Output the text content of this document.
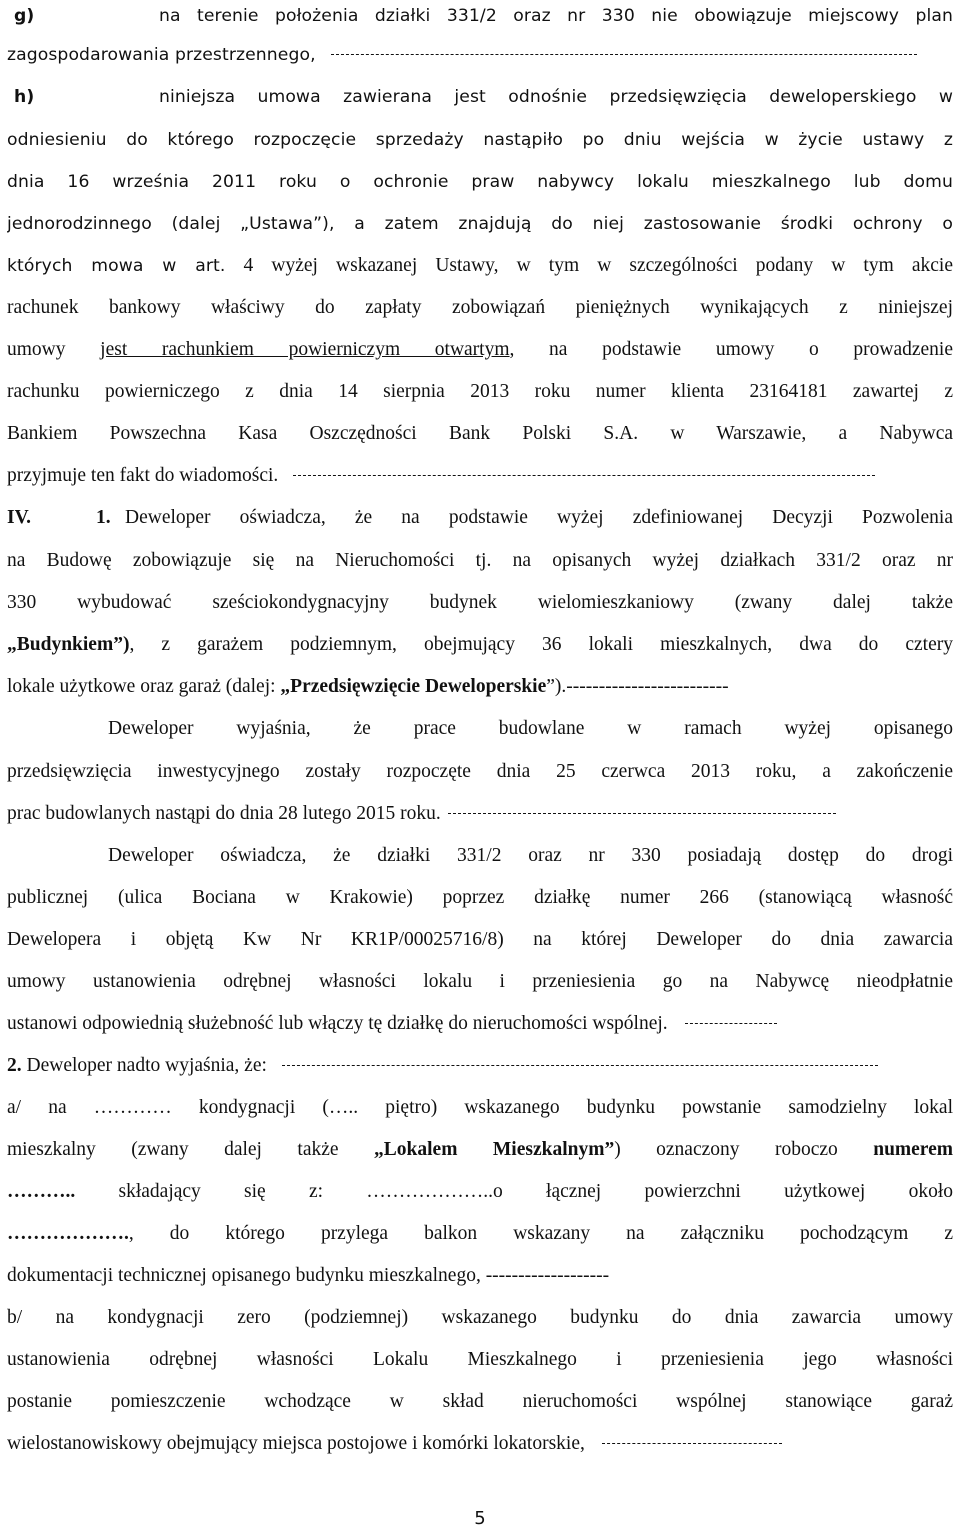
g)	na terenie położenia działki 331/2 oraz nr 330 nie obowiązuje miejscowy plan
zagospodarowania przestrzennego,
h)	niniejsza umowa zawierana jest odnośnie przedsięwzięcia deweloperskiego w
odniesieniu do którego rozpoczęcie sprzedaży nastąpiło po dniu wejścia w życie ustawy z
dnia 16 września 2011 roku o ochronie praw nabywcy lokalu mieszkalnego lub domu
jednorodzinnego (dalej „Ustawa”), a zatem znajdują do niej zastosowanie środki ochrony o
których mowa w art. 4 wyżej wskazanej Ustawy, w tym w szczególności podany w tym akcie
rachunek bankowy właściwy do zapłaty zobowiązań pieniężnych wynikających z niniejszej
umowy jest rachunkiem powierniczym otwartym, na podstawie umowy o prowadzenie
rachunku powierniczego z dnia 14 sierpnia 2013 roku numer klienta 23164181 zawartej z
Bankiem Powszechna Kasa Oszczędności Bank Polski S.A. w Warszawie, a Nabywca
przyjmuje ten fakt do wiadomości.
IV.	1. Deweloper oświadcza, że na podstawie wyżej zdefiniowanej Decyzji Pozwolenia
na Budowę zobowiązuje się na Nieruchomości tj. na opisanych wyżej działkach 331/2 oraz nr
330 wybudować sześciokondygnacyjny budynek wielomieszkaniowy (zwany dalej także
„Budynkiem”), z garażem podziemnym, obejmujący 36 lokali mieszkalnych, dwa do cztery
lokale użytkowe oraz garaż (dalej: „Przedsięwzięcie Deweloperskie”).-------------------------
Deweloper wyjaśnia, że prace budowlane w ramach wyżej opisanego
przedsięwzięcia inwestycyjnego zostały rozpoczęte dnia 25 czerwca 2013 roku, a zakończenie
prac budowlanych nastąpi do dnia 28 lutego 2015 roku.
Deweloper oświadcza, że działki 331/2 oraz nr 330 posiadają dostęp do drogi
publicznej (ulica Bociana w Krakowie) poprzez działkę numer 266 (stanowiącą własność
Dewelopera i objętą Kw Nr KR1P/00025716/8) na której Deweloper do dnia zawarcia
umowy ustanowienia odrębnej własności lokalu i przeniesienia go na Nabywcę nieodpłatnie
ustanowi odpowiednią służebność lub włączy tę działkę do nieruchomości wspólnej.
2. Deweloper nadto wyjaśnia, że:
a/ na ………… kondygnacji (….. piętro) wskazanego budynku powstanie samodzielny lokal
mieszkalny (zwany dalej także „Lokalem Mieszkalnym”) oznaczony roboczo numerem
……….. składający się z: ………………..o łącznej powierzchni użytkowej około
………………., do którego przylega balkon wskazany na załączniku pochodzącym z
dokumentacji technicznej opisanego budynku mieszkalnego, -------------------
b/ na kondygnacji zero (podziemnej) wskazanego budynku do dnia zawarcia umowy
ustanowienia odrębnej własności Lokalu Mieszkalnego i przeniesienia jego własności
postanie pomieszczenie wchodzące w skład nieruchomości wspólnej stanowiące garaż
wielostanowiskowy obejmujący miejsca postojowe i komórki lokatorskie,
5
